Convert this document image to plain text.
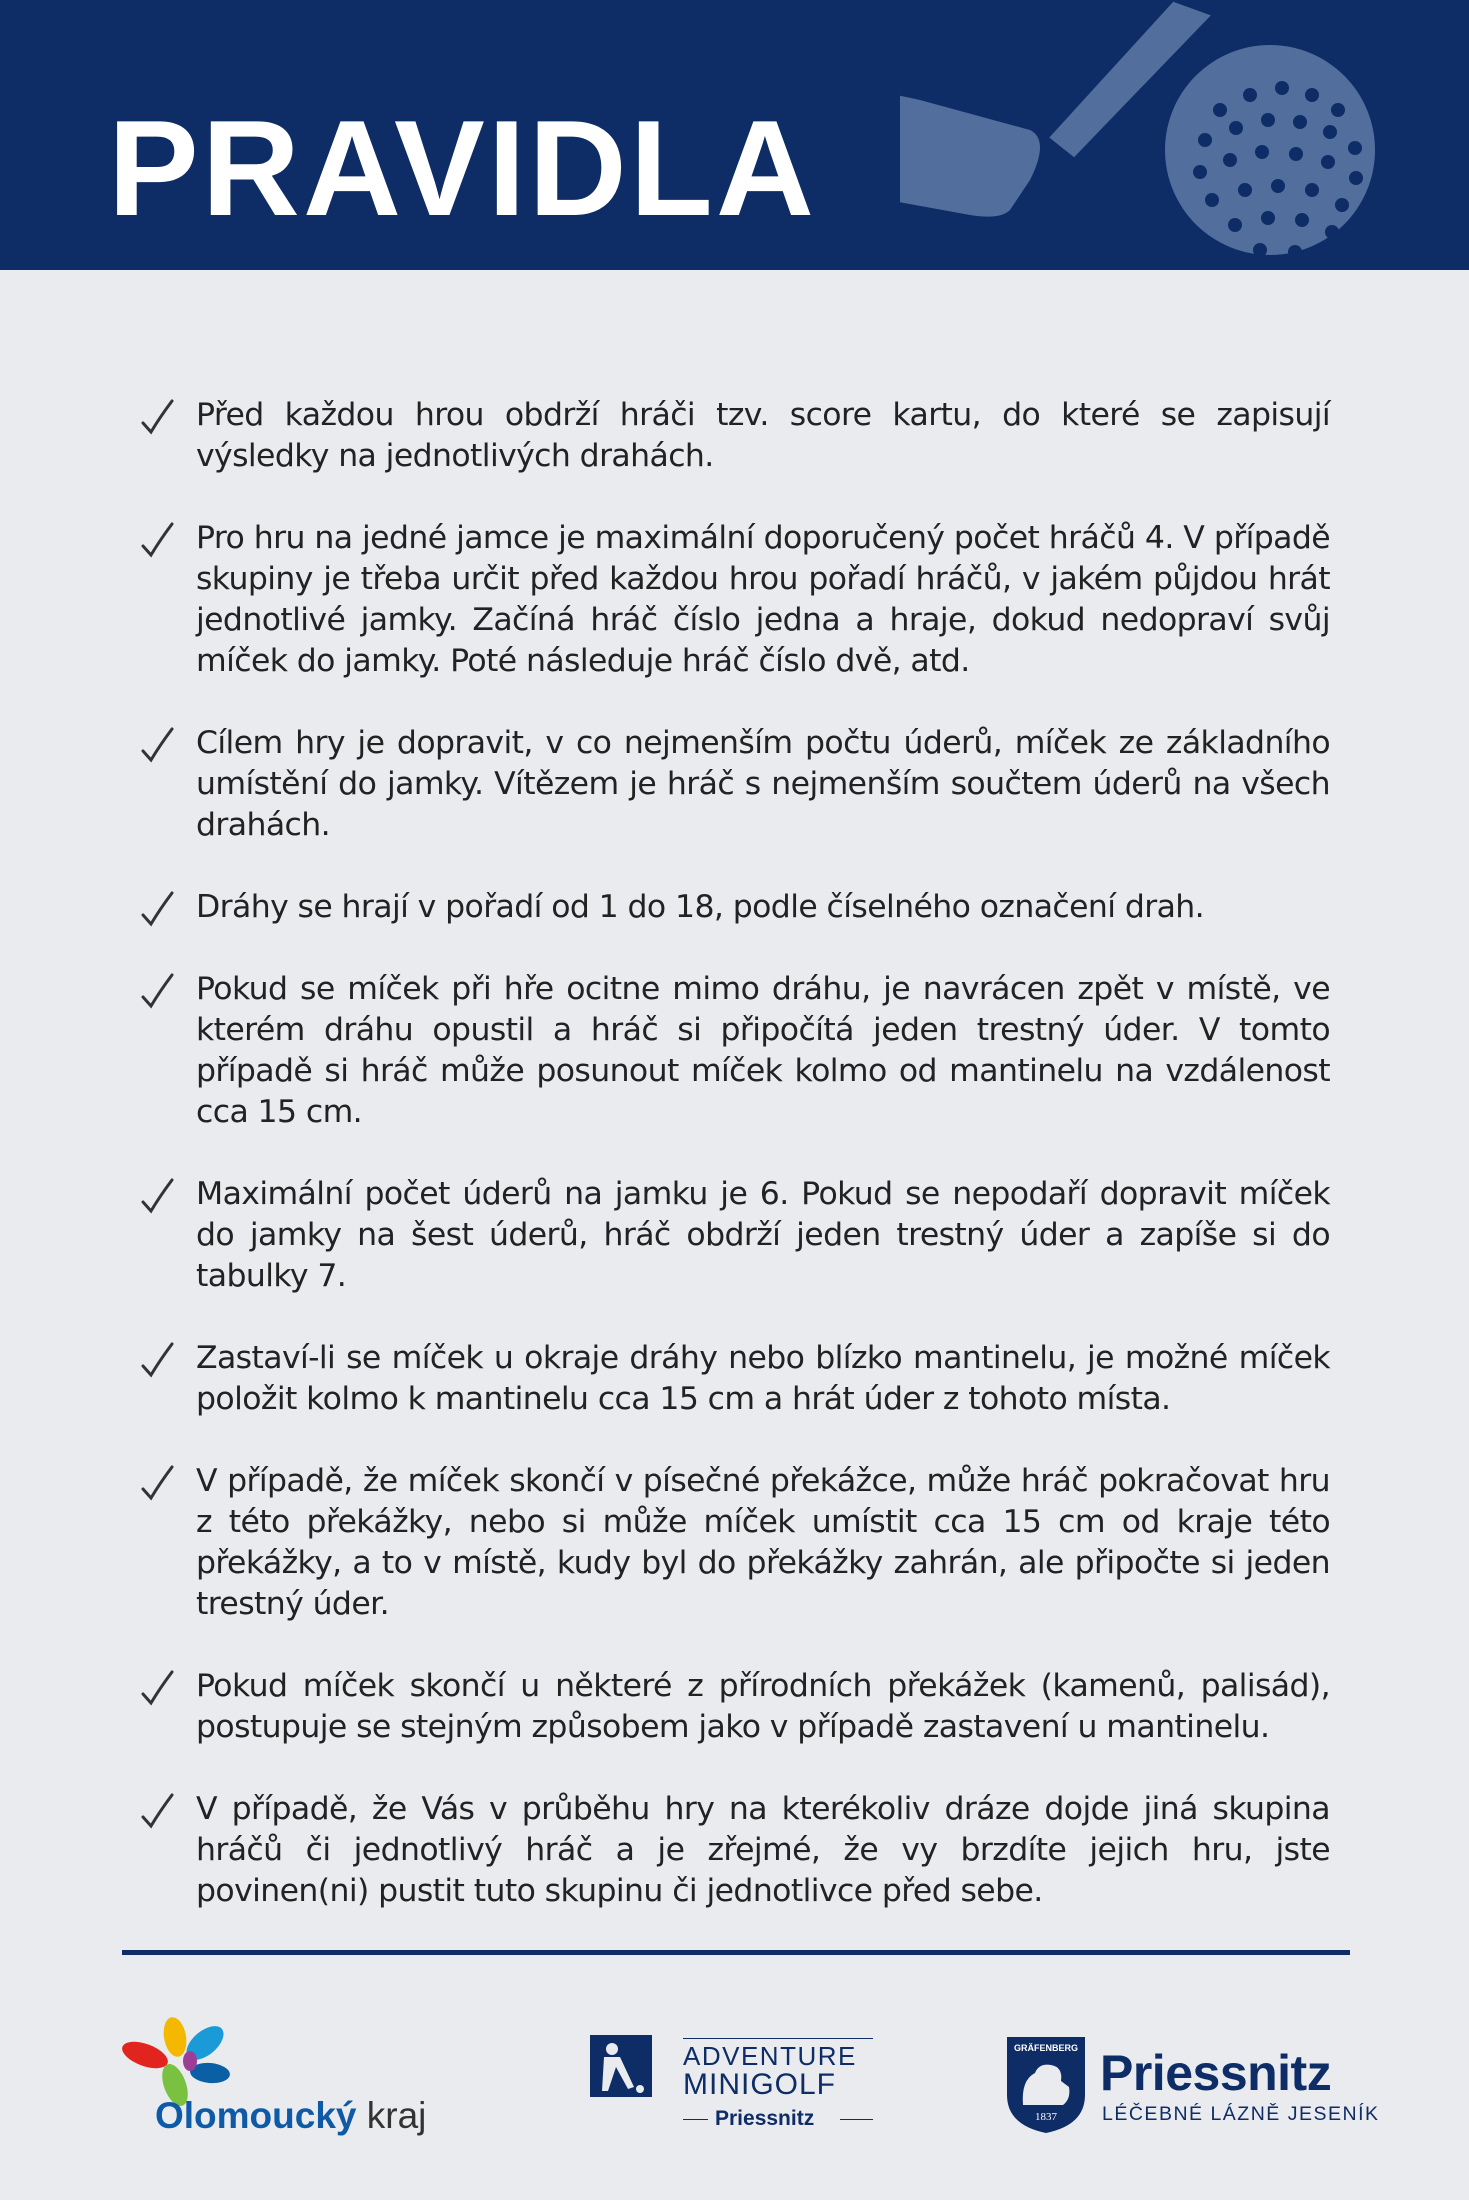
PRAVIDLA
Před každou hrou obdrží hráči tzv. score kartu, do které se zapisují výsledky na jednotlivých drahách.
Pro hru na jedné jamce je maximální doporučený počet hráčů 4. V případě skupiny je třeba určit před každou hrou pořadí hráčů, v jakém půjdou hrát jednotlivé jamky. Začíná hráč číslo jedna a hraje, dokud nedopraví svůj míček do jamky. Poté následuje hráč číslo dvě, atd.
Cílem hry je dopravit, v co nejmenším počtu úderů, míček ze základního umístění do jamky. Vítězem je hráč s nejmenším součtem úderů na všech drahách.
Dráhy se hrají v pořadí od 1 do 18, podle číselného označení drah.
Pokud se míček při hře ocitne mimo dráhu, je navrácen zpět v místě, ve kterém dráhu opustil a hráč si připočítá jeden trestný úder. V tomto případě si hráč může posunout míček kolmo od mantinelu na vzdálenost cca 15 cm.
Maximální počet úderů na jamku je 6. Pokud se nepodaří dopravit míček do jamky na šest úderů, hráč obdrží jeden trestný úder a zapíše si do tabulky 7.
Zastaví-li se míček u okraje dráhy nebo blízko mantinelu, je možné míček položit kolmo k mantinelu cca 15 cm a hrát úder z tohoto místa.
V případě, že míček skončí v písečné překážce, může hráč pokračovat hru z této překážky, nebo si může míček umístit cca 15 cm od kraje této překážky, a to v místě, kudy byl do překážky zahrán, ale připočte si jeden trestný úder.
Pokud míček skončí u některé z přírodních překážek (kamenů, palisád), postupuje se stejným způsobem jako v případě zastavení u mantinelu.
V případě, že Vás v průběhu hry na kterékoliv dráze dojde jiná skupina hráčů či jednotlivý hráč a je zřejmé, že vy brzdíte jejich hru, jste povinen(ni) pustit tuto skupinu či jednotlivce před sebe.
Olomoucký kraj
ADVENTURE
MINIGOLF
Priessnitz
GRÄFENBERG
1837
Priessnitz
LÉČEBNÉ LÁZNĚ JESENÍK
